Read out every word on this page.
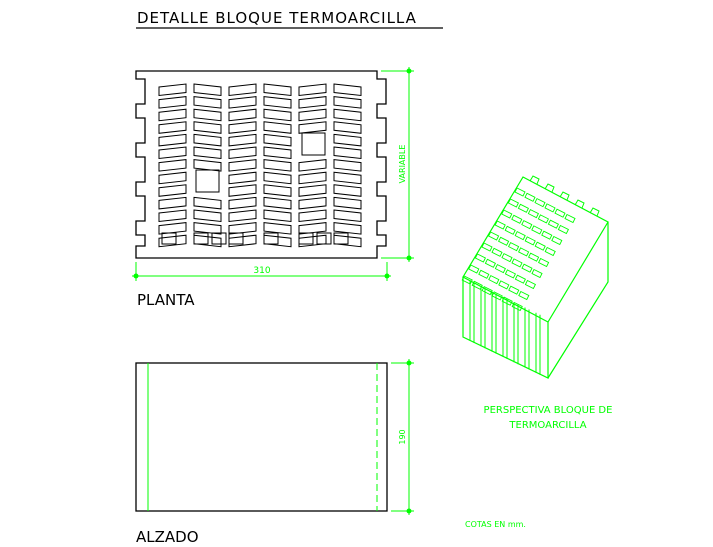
DETALLE BLOQUE TERMOARCILLA
310
VARIABLE
PLANTA
190
ALZADO
PERSPECTIVA BLOQUE DE
TERMOARCILLA
COTAS EN mm.
